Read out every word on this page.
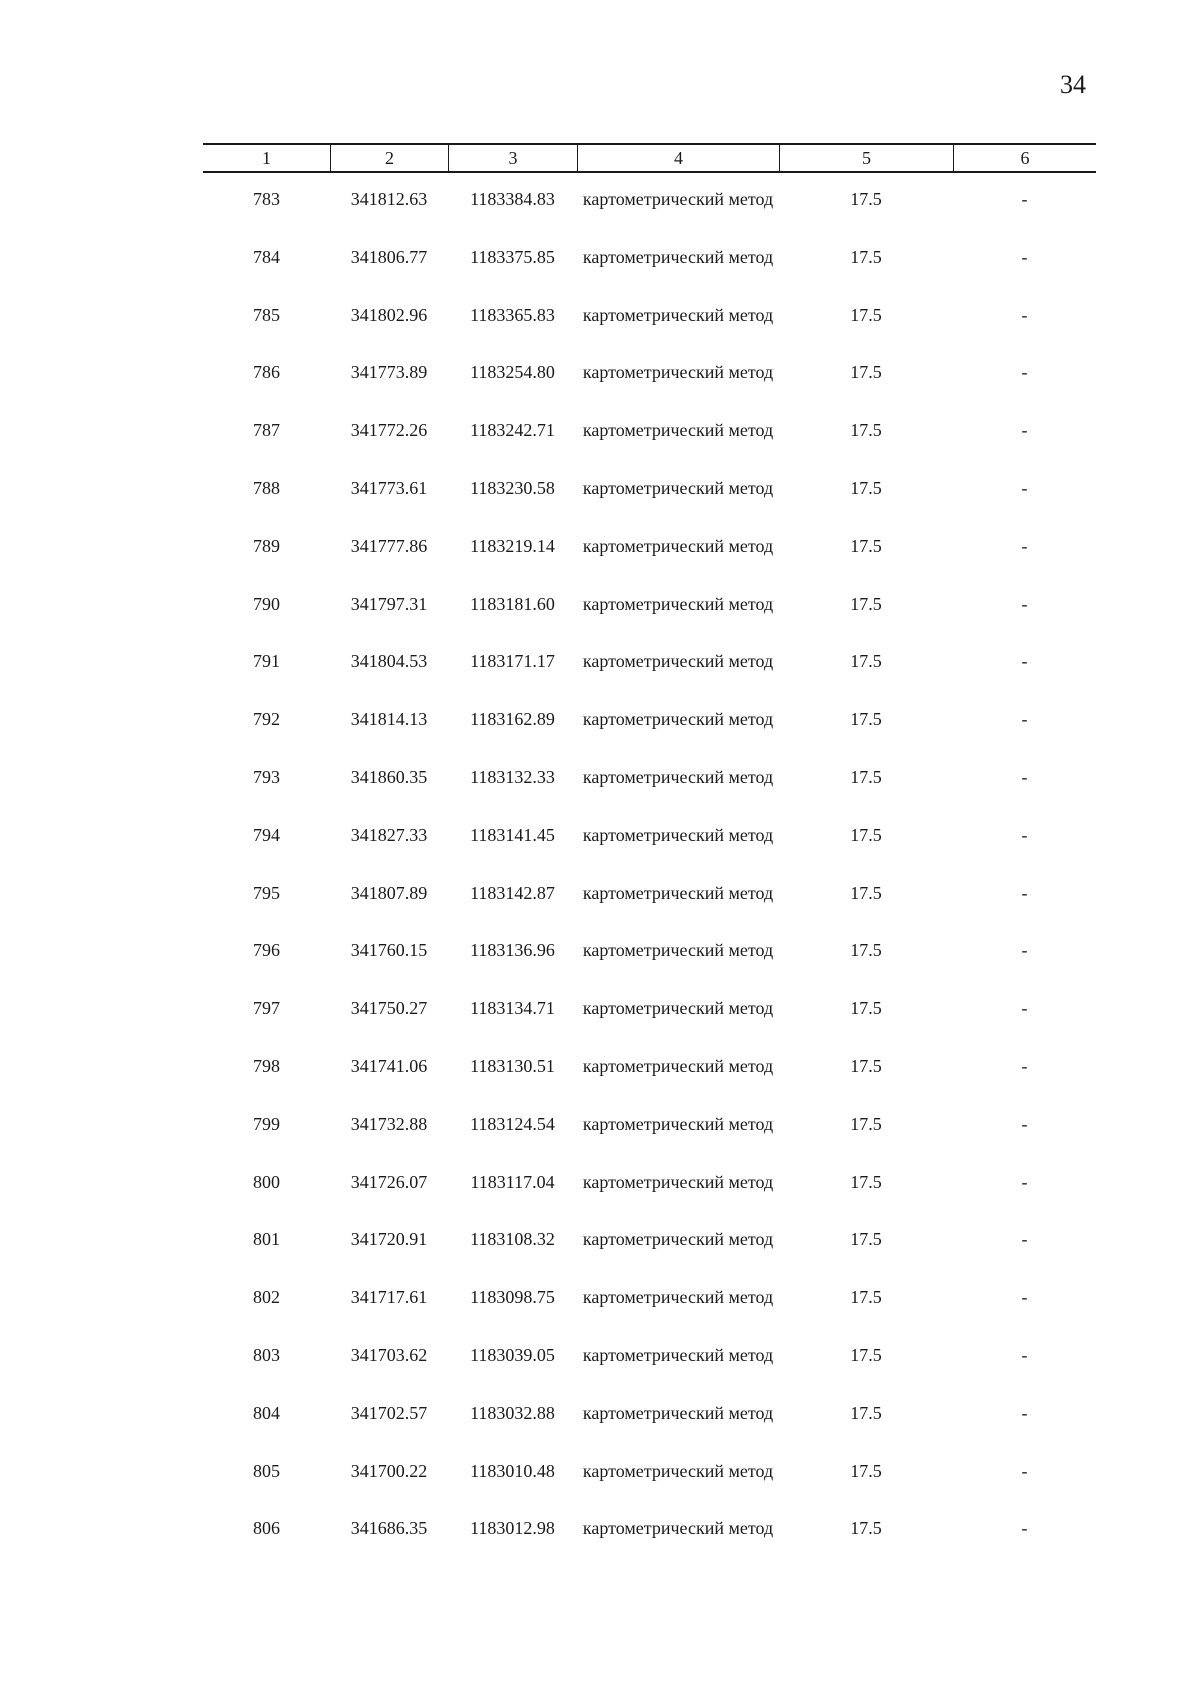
34
1	2	3	4	5	6
783	341812.63	1183384.83	картометрический метод	17.5	-
784	341806.77	1183375.85	картометрический метод	17.5	-
785	341802.96	1183365.83	картометрический метод	17.5	-
786	341773.89	1183254.80	картометрический метод	17.5	-
787	341772.26	1183242.71	картометрический метод	17.5	-
788	341773.61	1183230.58	картометрический метод	17.5	-
789	341777.86	1183219.14	картометрический метод	17.5	-
790	341797.31	1183181.60	картометрический метод	17.5	-
791	341804.53	1183171.17	картометрический метод	17.5	-
792	341814.13	1183162.89	картометрический метод	17.5	-
793	341860.35	1183132.33	картометрический метод	17.5	-
794	341827.33	1183141.45	картометрический метод	17.5	-
795	341807.89	1183142.87	картометрический метод	17.5	-
796	341760.15	1183136.96	картометрический метод	17.5	-
797	341750.27	1183134.71	картометрический метод	17.5	-
798	341741.06	1183130.51	картометрический метод	17.5	-
799	341732.88	1183124.54	картометрический метод	17.5	-
800	341726.07	1183117.04	картометрический метод	17.5	-
801	341720.91	1183108.32	картометрический метод	17.5	-
802	341717.61	1183098.75	картометрический метод	17.5	-
803	341703.62	1183039.05	картометрический метод	17.5	-
804	341702.57	1183032.88	картометрический метод	17.5	-
805	341700.22	1183010.48	картометрический метод	17.5	-
806	341686.35	1183012.98	картометрический метод	17.5	-
